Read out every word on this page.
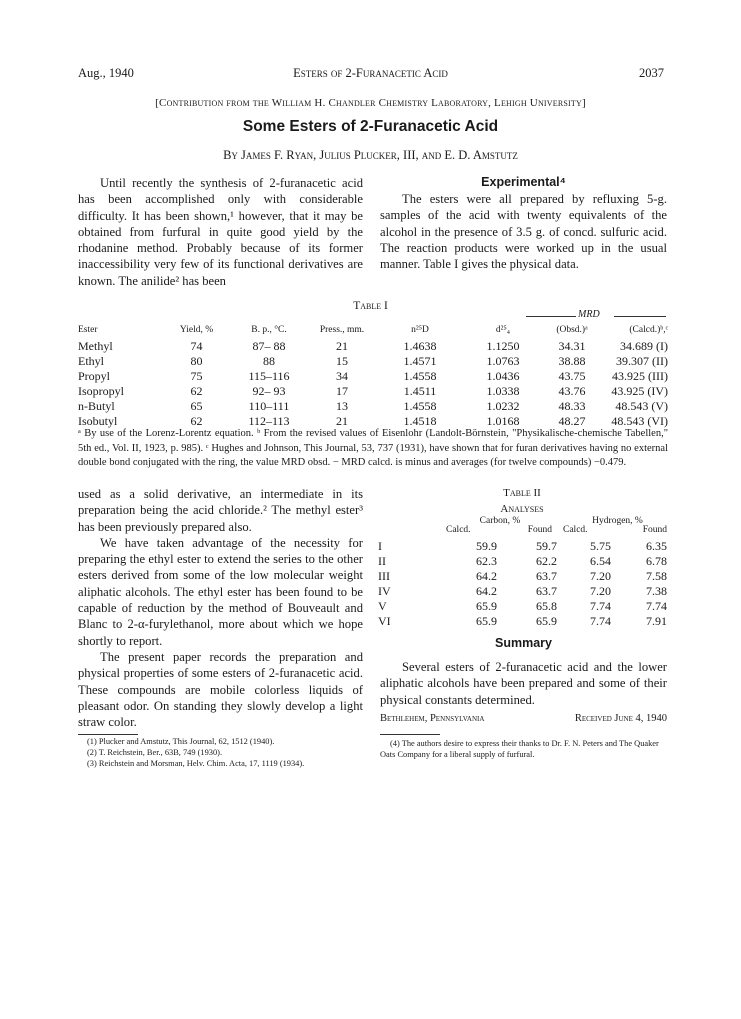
Aug., 1940	Esters of 2-Furanacetic Acid	2037
[Contribution from the William H. Chandler Chemistry Laboratory, Lehigh University]
Some Esters of 2-Furanacetic Acid
By James F. Ryan, Julius Plucker, III, and E. D. Amstutz

Until recently the synthesis of 2-furanacetic acid has been accomplished only with considerable difficulty. It has been shown,¹ however, that it may be obtained from furfural in quite good yield by the rhodanine method. Probably because of its former inaccessibility very few of its functional derivatives are known. The anilide² has been

Experimental⁴

The esters were all prepared by refluxing 5-g. samples of the acid with twenty equivalents of the alcohol in the presence of 3.5 g. of concd. sulfuric acid. The reaction products were worked up in the usual manner. Table I gives the physical data.

Table I
MRD
Ester	Yield, %	B. p., °C.	Press., mm.	n²⁵D	d²⁵₄	(Obsd.)ᵃ	(Calcd.)ᵇ,ᶜ
Methyl	74	87– 88	21	1.4638	1.1250	34.31	34.689 (I)
Ethyl	80	88	15	1.4571	1.0763	38.88	39.307 (II)
Propyl	75	115–116	34	1.4558	1.0436	43.75	43.925 (III)
Isopropyl	62	92– 93	17	1.4511	1.0338	43.76	43.925 (IV)
n-Butyl	65	110–111	13	1.4558	1.0232	48.33	48.543 (V)
Isobutyl	62	112–113	21	1.4518	1.0168	48.27	48.543 (VI)
ᵃ By use of the Lorenz-Lorentz equation. ᵇ From the revised values of Eisenlohr (Landolt-Börnstein, "Physikalische-chemische Tabellen," 5th ed., Vol. II, 1923, p. 985). ᶜ Hughes and Johnson, This Journal, 53, 737 (1931), have shown that for furan derivatives having no external double bond conjugated with the ring, the value MRD obsd. − MRD calcd. is minus and averages (for twelve compounds) −0.479.

used as a solid derivative, an intermediate in its preparation being the acid chloride.² The methyl ester³ has been previously prepared also.

We have taken advantage of the necessity for preparing the ethyl ester to extend the series to the other esters derived from some of the low molecular weight aliphatic alcohols. The ethyl ester has been found to be capable of reduction by the method of Bouveault and Blanc to 2-α-furylethanol, more about which we hope shortly to report.

The present paper records the preparation and physical properties of some esters of 2-furanacetic acid. These compounds are mobile colorless liquids of pleasant odor. On standing they slowly develop a light straw color.

(1) Plucker and Amstutz, This Journal, 62, 1512 (1940).
(2) T. Reichstein, Ber., 63B, 749 (1930).
(3) Reichstein and Morsman, Helv. Chim. Acta, 17, 1119 (1934).
Table II
Analyses
Carbon, %	Hydrogen, %
Calcd.	Found Calcd.	Found
I	59.9	59.7	5.75	6.35
II	62.3	62.2	6.54	6.78
III	64.2	63.7	7.20	7.58
IV	64.2	63.7	7.20	7.38
V	65.9	65.8	7.74	7.74
VI	65.9	65.9	7.74	7.91
Summary

Several esters of 2-furanacetic acid and the lower aliphatic alcohols have been prepared and some of their physical constants determined.

Bethlehem, Pennsylvania	Received June 4, 1940
(4) The authors desire to express their thanks to Dr. F. N. Peters and The Quaker Oats Company for a liberal supply of furfural.
